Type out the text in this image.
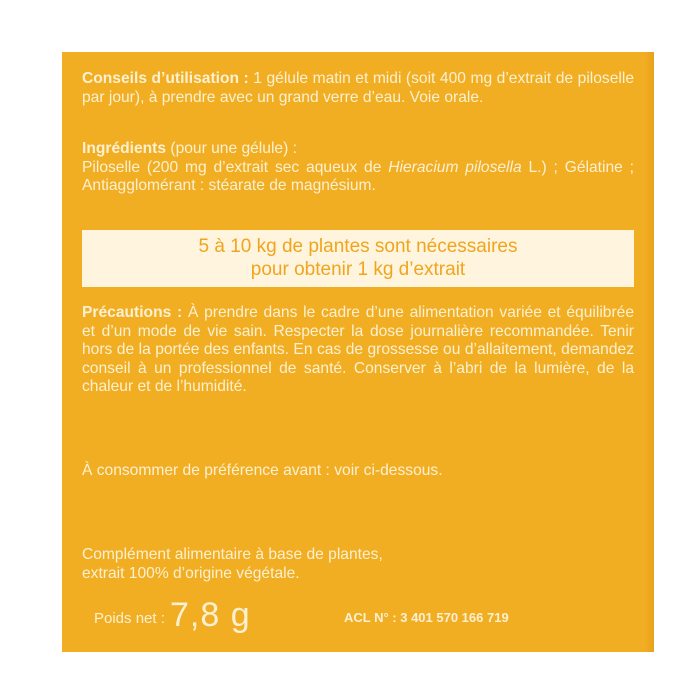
Conseils d’utilisation : 1 gélule matin et midi (soit 400 mg d’extrait de piloselle par jour), à prendre avec un grand verre d’eau. Voie orale.

Ingrédients (pour une gélule) :
Piloselle (200 mg d’extrait sec aqueux de Hieracium pilosella L.) ; Gélatine ; Antiagglomérant : stéarate de magnésium.

5 à 10 kg de plantes sont nécessaires
pour obtenir 1 kg d’extrait

Précautions : À prendre dans le cadre d’une alimentation variée et équilibrée et d’un mode de vie sain. Respecter la dose journalière recommandée. Tenir hors de la portée des enfants. En cas de grossesse ou d’allaitement, demandez conseil à un professionnel de santé. Conserver à l’abri de la lumière, de la chaleur et de l’humidité.

À consommer de préférence avant : voir ci-dessous.

Complément alimentaire à base de plantes,
extrait 100% d’origine végétale.

Poids net : 7,8 g	ACL N° : 3 401 570 166 719
